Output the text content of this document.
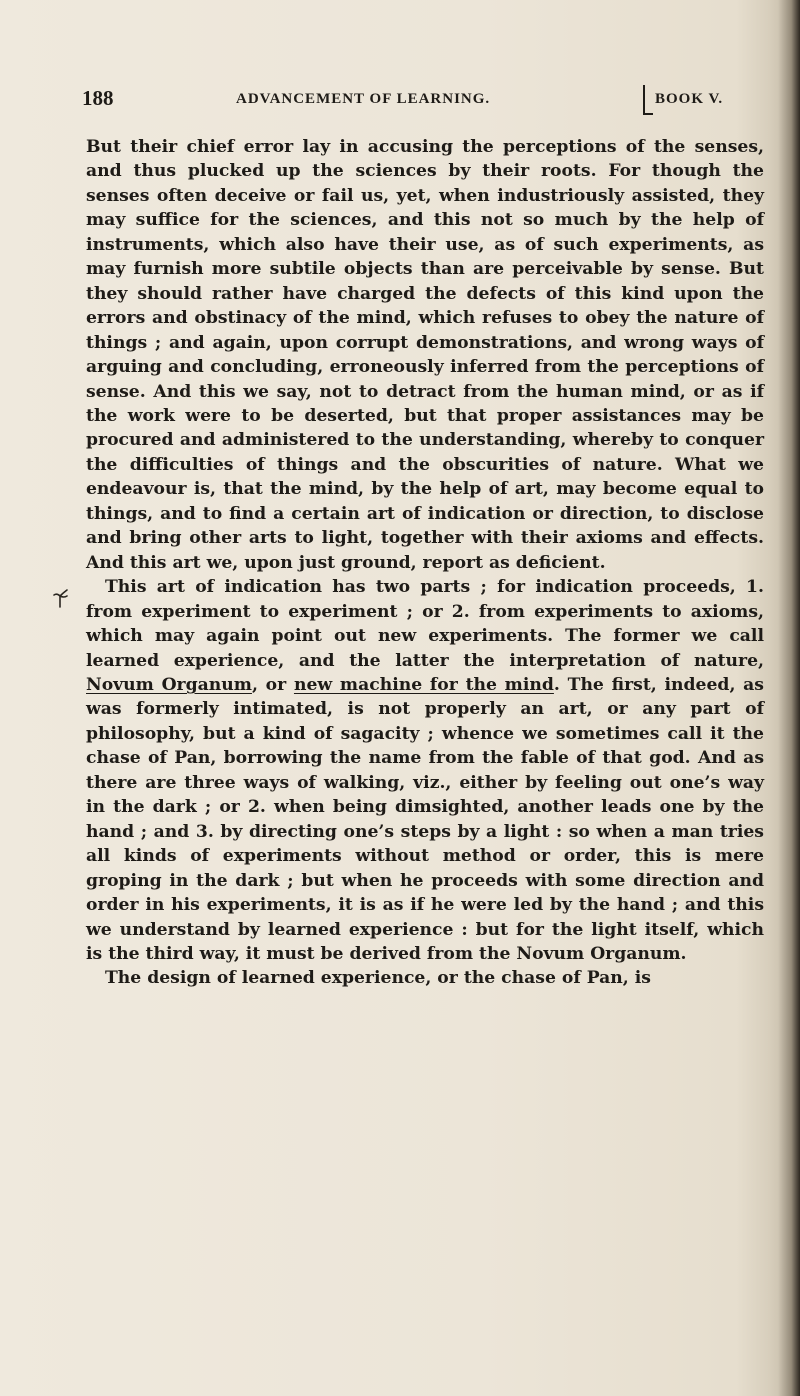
188	ADVANCEMENT OF LEARNING.	BOOK V.

But their chief error lay in accusing the perceptions of the senses, and thus plucked up the sciences by their roots. For though the senses often deceive or fail us, yet, when industriously assisted, they may suffice for the sciences, and this not so much by the help of instruments, which also have their use, as of such experiments, as may furnish more subtile objects than are perceivable by sense. But they should rather have charged the defects of this kind upon the errors and obstinacy of the mind, which refuses to obey the nature of things ; and again, upon corrupt demonstrations, and wrong ways of arguing and concluding, erroneously inferred from the perceptions of sense. And this we say, not to detract from the human mind, or as if the work were to be deserted, but that proper assistances may be procured and administered to the understanding, whereby to conquer the difficulties of things and the obscurities of nature. What we endeavour is, that the mind, by the help of art, may become equal to things, and to find a certain art of indication or direction, to disclose and bring other arts to light, together with their axioms and effects. And this art we, upon just ground, report as deficient.

This art of indication has two parts ; for indication proceeds, 1. from experiment to experiment ; or 2. from experiments to axioms, which may again point out new experiments. The former we call learned experience, and the latter the interpretation of nature, Novum Organum, or new machine for the mind. The first, indeed, as was formerly intimated, is not properly an art, or any part of philosophy, but a kind of sagacity ; whence we sometimes call it the chase of Pan, borrowing the name from the fable of that god. And as there are three ways of walking, viz., either by feeling out one’s way in the dark ; or 2. when being dimsighted, another leads one by the hand ; and 3. by directing one’s steps by a light : so when a man tries all kinds of experiments without method or order, this is mere groping in the dark ; but when he proceeds with some direction and order in his experiments, it is as if he were led by the hand ; and this we understand by learned experience : but for the light itself, which is the third way, it must be derived from the Novum Organum.

The design of learned experience, or the chase of Pan, is
